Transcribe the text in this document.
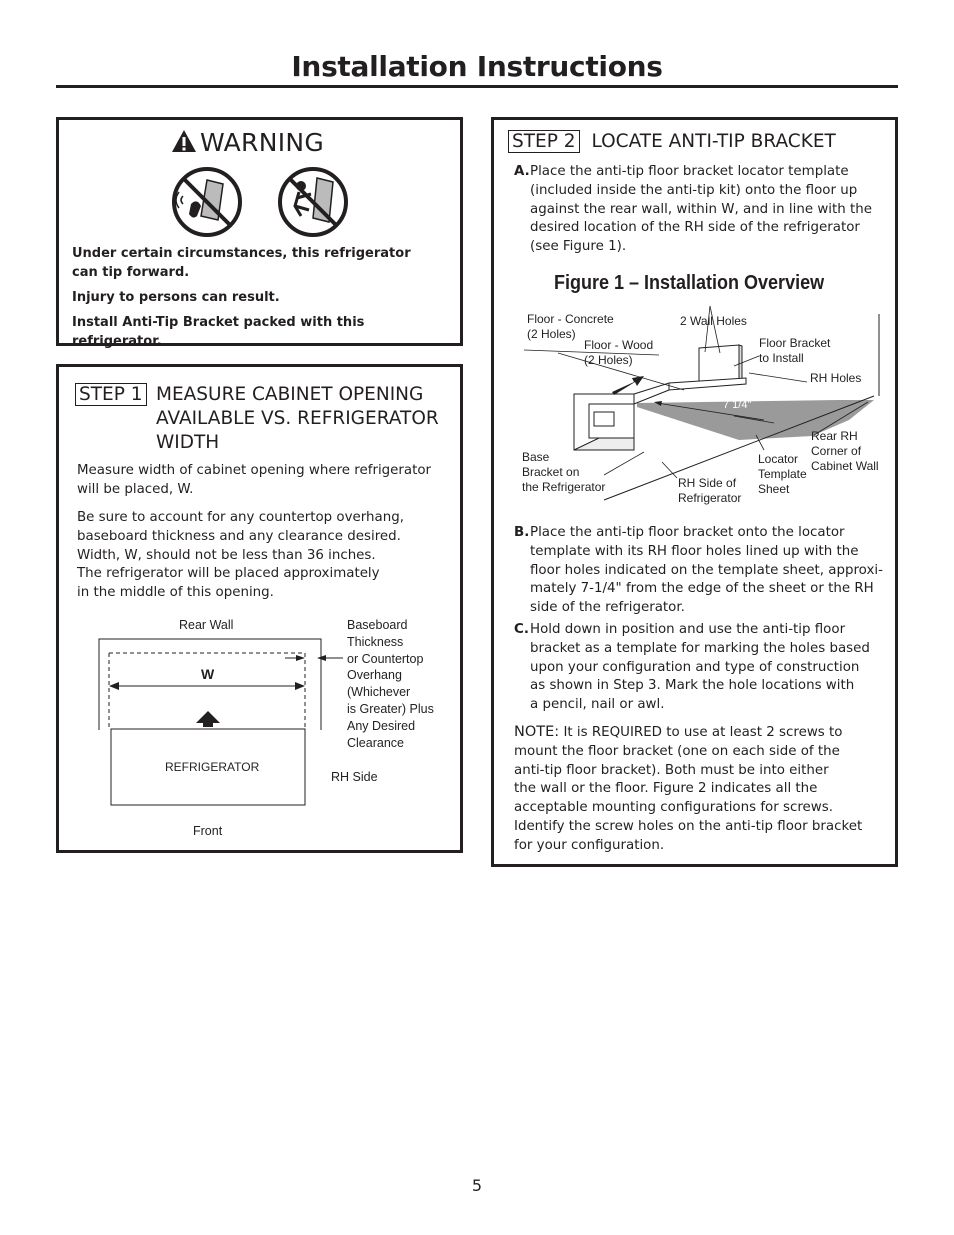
Installation Instructions
WARNING
Under certain circumstances, this refrigerator
can tip forward.
Injury to persons can result.
Install Anti-Tip Bracket packed with this refrigerator.
STEP 1 MEASURE CABINET OPENING
AVAILABLE VS. REFRIGERATOR
WIDTH
Measure width of cabinet opening where refrigerator
will be placed, W.
Be sure to account for any countertop overhang,
baseboard thickness and any clearance desired.
Width, W, should not be less than 36 inches.
The refrigerator will be placed approximately
in the middle of this opening.
Rear Wall
W
REFRIGERATOR
Front
RH Side
Baseboard
Thickness
or Countertop
Overhang
(Whichever
is Greater) Plus
Any Desired
Clearance
STEP 2 LOCATE ANTI-TIP BRACKET
A. Place the anti-tip floor bracket locator template
(included inside the anti-tip kit) onto the floor up
against the rear wall, within W, and in line with the
desired location of the RH side of the refrigerator
(see Figure 1).
Figure 1 – Installation Overview
Floor - Concrete
(2 Holes)
Floor - Wood
(2 Holes)
2 Wall Holes
Floor Bracket
to Install
RH Holes
7 1/4"
Base
Bracket on
the Refrigerator	RH Side of
Refrigerator
Locator
Template
Sheet
Rear RH
Corner of
Cabinet Wall
B. Place the anti-tip floor bracket onto the locator
template with its RH floor holes lined up with the
floor holes indicated on the template sheet, approxi-
mately 7-1/4" from the edge of the sheet or the RH
side of the refrigerator.
C. Hold down in position and use the anti-tip floor
bracket as a template for marking the holes based
upon your configuration and type of construction
as shown in Step 3. Mark the hole locations with
a pencil, nail or awl.
NOTE: It is REQUIRED to use at least 2 screws to
mount the floor bracket (one on each side of the
anti-tip floor bracket). Both must be into either
the wall or the floor. Figure 2 indicates all the
acceptable mounting configurations for screws.
Identify the screw holes on the anti-tip floor bracket
for your configuration.
5
